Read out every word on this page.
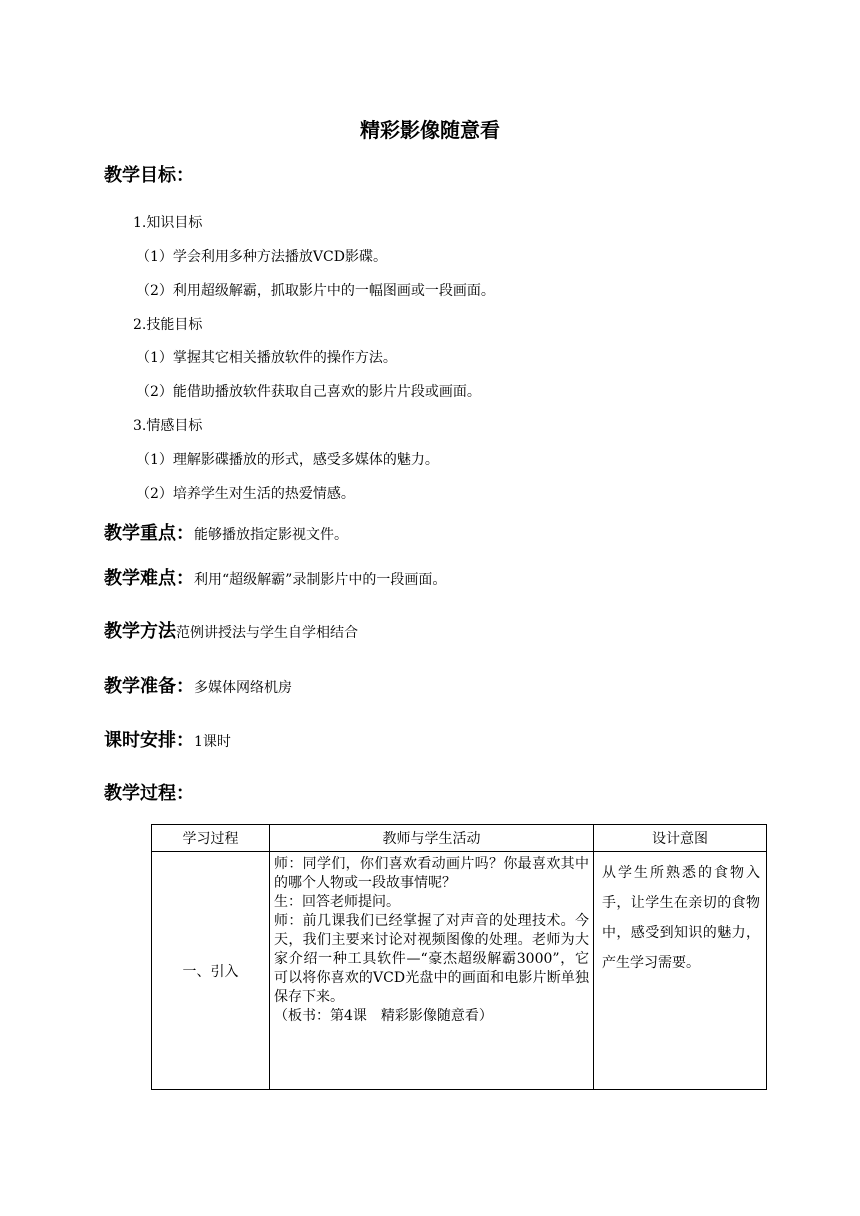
精彩影像随意看
教学目标：
1.知识目标
（1）学会利用多种方法播放VCD影碟。
（2）利用超级解霸，抓取影片中的一幅图画或一段画面。
2.技能目标
（1）掌握其它相关播放软件的操作方法。
（2）能借助播放软件获取自己喜欢的影片片段或画面。
3.情感目标
（1）理解影碟播放的形式，感受多媒体的魅力。
（2）培养学生对生活的热爱情感。
教学重点：能够播放指定影视文件。
教学难点：利用“超级解霸”录制影片中的一段画面。
教学方法范例讲授法与学生自学相结合
教学准备：多媒体网络机房
课时安排：1课时
教学过程：
学习过程	教师与学生活动	设计意图
一、引入	师：同学们，你们喜欢看动画片吗？你最喜欢其中的哪个人物或一段故事情呢？
生：回答老师提问。
师：前几课我们已经掌握了对声音的处理技术。今天，我们主要来讨论对视频图像的处理。老师为大家介绍一种工具软件—“豪杰超级解霸3000”，它可以将你喜欢的VCD光盘中的画面和电影片断单独保存下来。
（板书：第4课　精彩影像随意看）	从学生所熟悉的食物入手，让学生在亲切的食物中，感受到知识的魅力，产生学习需要。
